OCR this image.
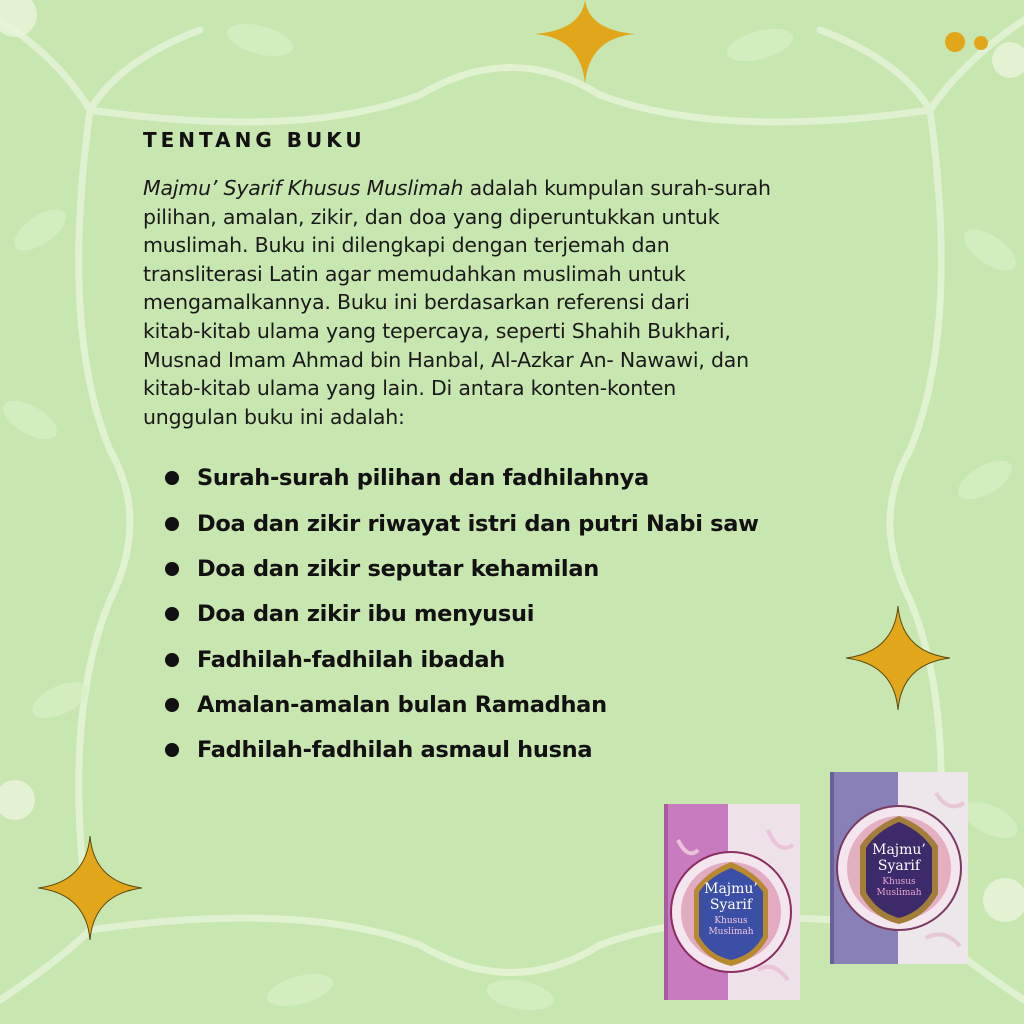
TENTANG BUKU

Majmu’ Syarif Khusus Muslimah adalah kumpulan surah-surah
pilihan, amalan, zikir, dan doa yang diperuntukkan untuk
muslimah. Buku ini dilengkapi dengan terjemah dan
transliterasi Latin agar memudahkan muslimah untuk
mengamalkannya. Buku ini berdasarkan referensi dari
kitab-kitab ulama yang tepercaya, seperti Shahih Bukhari,
Musnad Imam Ahmad bin Hanbal, Al-Azkar An- Nawawi, dan
kitab-kitab ulama yang lain. Di antara konten-konten
unggulan buku ini adalah:

Surah-surah pilihan dan fadhilahnya
Doa dan zikir riwayat istri dan putri Nabi saw
Doa dan zikir seputar kehamilan
Doa dan zikir ibu menyusui
Fadhilah-fadhilah ibadah
Amalan-amalan bulan Ramadhan
Fadhilah-fadhilah asmaul husna
Majmu’
Syarif
Khusus
Muslimah
Majmu’
Syarif
Khusus
Muslimah
